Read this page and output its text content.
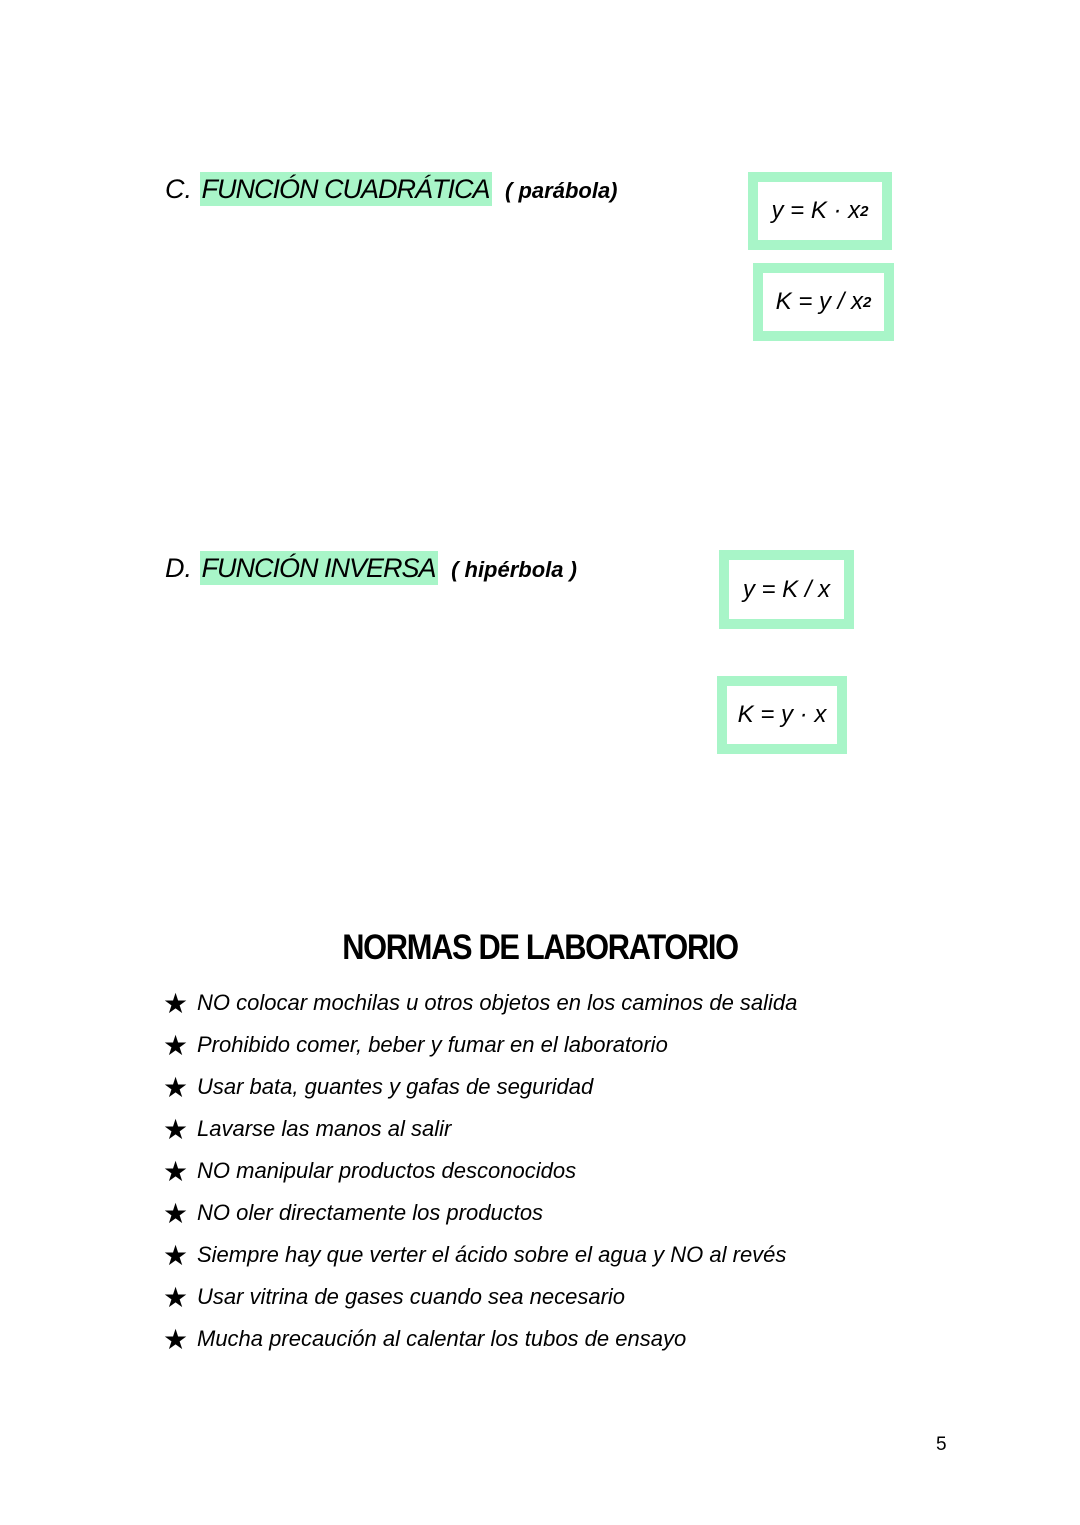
C. FUNCIÓN CUADRÁTICA ( parábola)
y = K · x 2
K = y / x 2
D. FUNCIÓN INVERSA ( hipérbola )
y = K / x
K = y · x
NORMAS DE LABORATORIO
★ NO colocar mochilas u otros objetos en los caminos de salida
★ Prohibido comer, beber y fumar en el laboratorio
★ Usar bata, guantes y gafas de seguridad
★ Lavarse las manos al salir
★ NO manipular productos desconocidos
★ NO oler directamente los productos
★ Siempre hay que verter el ácido sobre el agua y NO al revés
★ Usar vitrina de gases cuando sea necesario
★ Mucha precaución al calentar los tubos de ensayo
5
